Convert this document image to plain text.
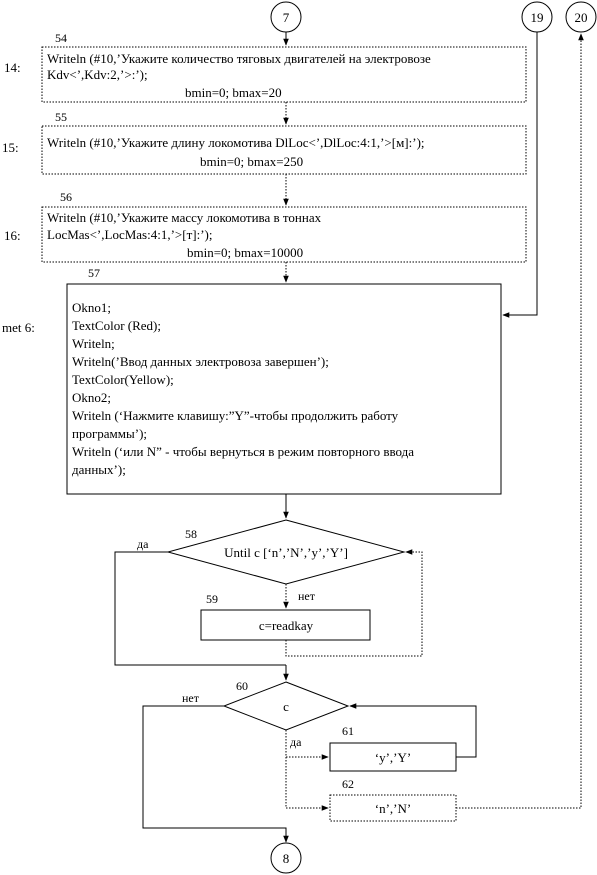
7	19 20
14:
15:
16:
met 6:
54
Writeln (#10,’Укажите количество тяговых двигателей на электровозе
Kdv<’,Kdv:2,’>:’);
bmin=0; bmax=20
55
Writeln (#10,’Укажите длину локомотива DlLoc<’,DlLoc:4:1,’>[м]:’);
bmin=0; bmax=250
56
Writeln (#10,’Укажите массу локомотива в тоннах
LocMas<’,LocMas:4:1,’>[т]:’);
bmin=0; bmax=10000
57
Okno1;
TextColor (Red);
Writeln;
Writeln(’Ввод данных электровоза завершен’);
TextColor(Yellow);
Okno2;
Writeln (‘Нажмите клавишу:”Y”-чтобы продолжить работу
программы’);
Writeln (‘или N” - чтобы вернуться в режим повторного ввода
данных’);
58
Until c [‘n’,’N’,’y’,’Y’]
да
нет
59
c=readkay
60
c
нет
да
61
‘y’,’Y’
62
‘n’,’N’
8
